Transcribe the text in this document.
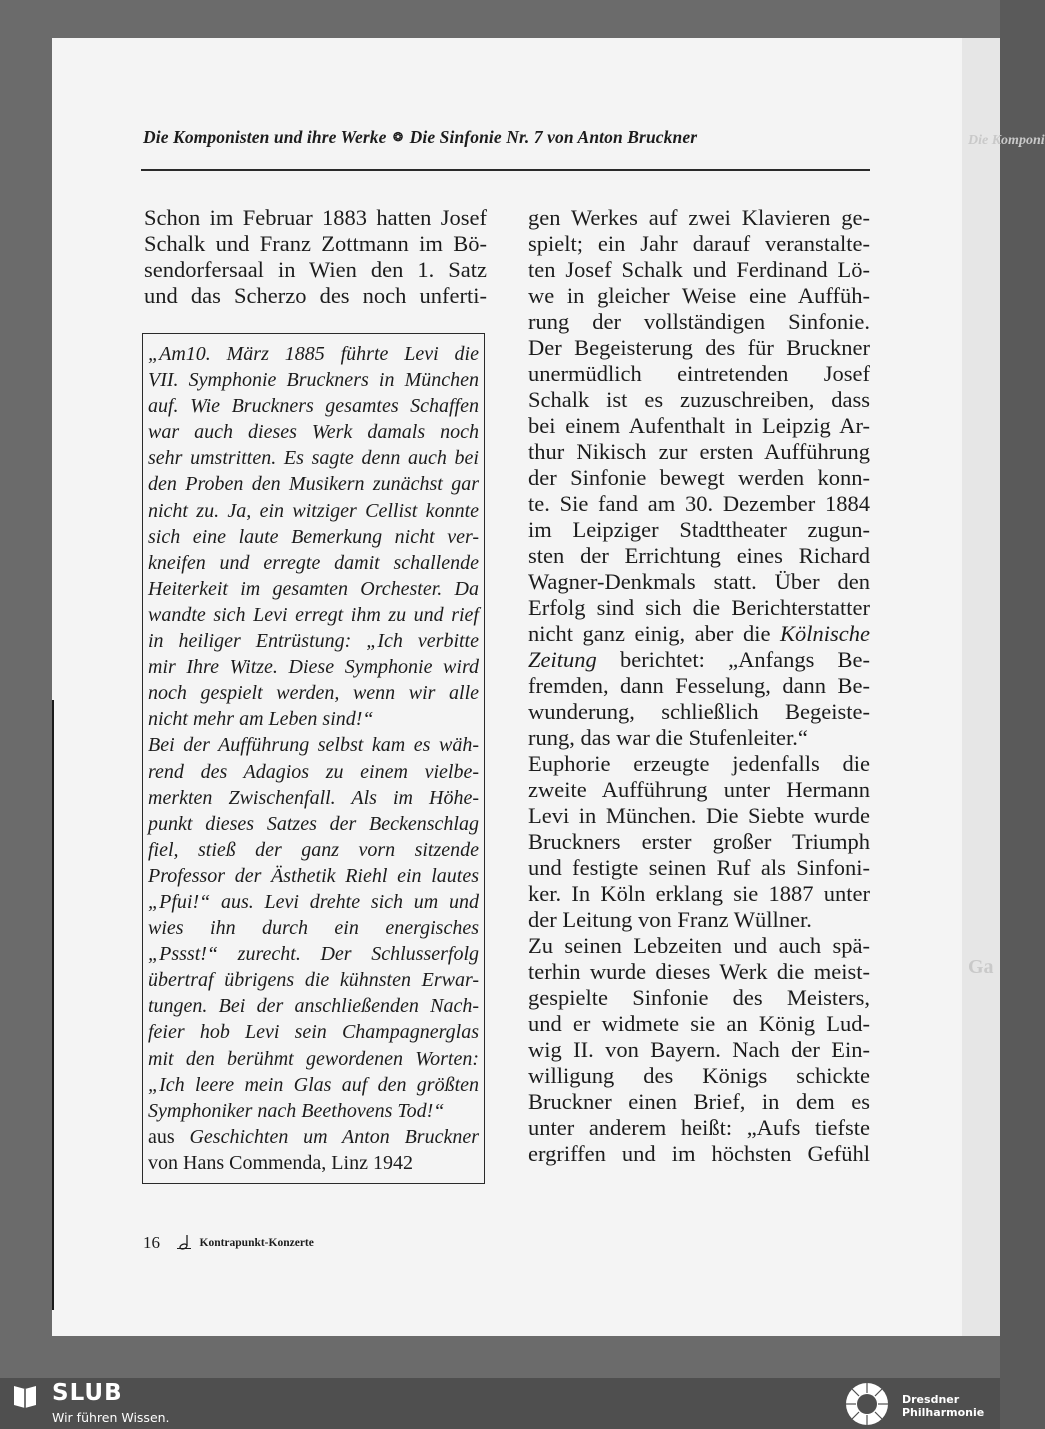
Die Komponi
Ga
Die Komponisten und ihre Werke ❂ Die Sinfonie Nr. 7 von Anton Bruckner
Schon im Februar 1883 hatten Josef
Schalk und Franz Zottmann im Bö-
sendorfersaal in Wien den 1. Satz
und das Scherzo des noch unferti-
„Am10. März 1885 führte Levi die
VII. Symphonie Bruckners in München
auf. Wie Bruckners gesamtes Schaffen
war auch dieses Werk damals noch
sehr umstritten. Es sagte denn auch bei
den Proben den Musikern zunächst gar
nicht zu. Ja, ein witziger Cellist konnte
sich eine laute Bemerkung nicht ver-
kneifen und erregte damit schallende
Heiterkeit im gesamten Orchester. Da
wandte sich Levi erregt ihm zu und rief
in heiliger Entrüstung: „Ich verbitte
mir Ihre Witze. Diese Symphonie wird
noch gespielt werden, wenn wir alle
nicht mehr am Leben sind!“
Bei der Aufführung selbst kam es wäh-
rend des Adagios zu einem vielbe-
merkten Zwischenfall. Als im Höhe-
punkt dieses Satzes der Beckenschlag
fiel, stieß der ganz vorn sitzende
Professor der Ästhetik Riehl ein lautes
„Pfui!“ aus. Levi drehte sich um und
wies ihn durch ein energisches
„Pssst!“ zurecht. Der Schlusserfolg
übertraf übrigens die kühnsten Erwar-
tungen. Bei der anschließenden Nach-
feier hob Levi sein Champagnerglas
mit den berühmt gewordenen Worten:
„Ich leere mein Glas auf den größten
Symphoniker nach Beethovens Tod!“
aus Geschichten um Anton Bruckner
von Hans Commenda, Linz 1942
gen Werkes auf zwei Klavieren ge-
spielt; ein Jahr darauf veranstalte-
ten Josef Schalk und Ferdinand Lö-
we in gleicher Weise eine Auffüh-
rung der vollständigen Sinfonie.
Der Begeisterung des für Bruckner
unermüdlich eintretenden Josef
Schalk ist es zuzuschreiben, dass
bei einem Aufenthalt in Leipzig Ar-
thur Nikisch zur ersten Aufführung
der Sinfonie bewegt werden konn-
te. Sie fand am 30. Dezember 1884
im Leipziger Stadttheater zugun-
sten der Errichtung eines Richard
Wagner-Denkmals statt. Über den
Erfolg sind sich die Berichterstatter
nicht ganz einig, aber die Kölnische
Zeitung berichtet: „Anfangs Be-
fremden, dann Fesselung, dann Be-
wunderung, schließlich Begeiste-
rung, das war die Stufenleiter.“
Euphorie erzeugte jedenfalls die
zweite Aufführung unter Hermann
Levi in München. Die Siebte wurde
Bruckners erster großer Triumph
und festigte seinen Ruf als Sinfoni-
ker. In Köln erklang sie 1887 unter
der Leitung von Franz Wüllner.
Zu seinen Lebzeiten und auch spä-
terhin wurde dieses Werk die meist-
gespielte Sinfonie des Meisters,
und er widmete sie an König Lud-
wig II. von Bayern. Nach der Ein-
willigung des Königs schickte
Bruckner einen Brief, in dem es
unter anderem heißt: „Aufs tiefste
ergriffen und im höchsten Gefühl
16	Kontrapunkt-Konzerte
SLUB
Wir führen Wissen.
Dresdner
Philharmonie
